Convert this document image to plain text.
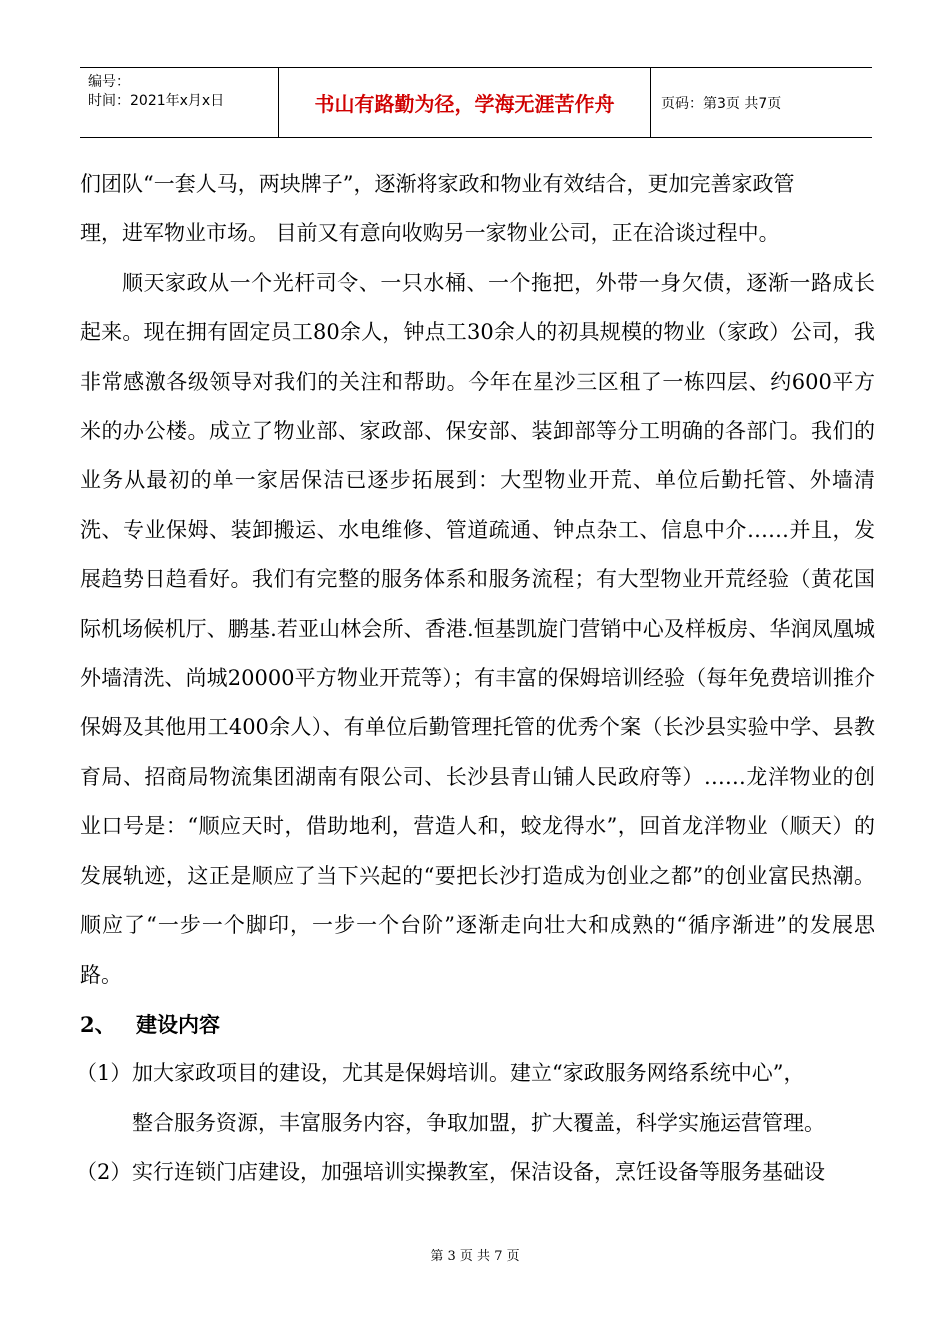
编号：
时间：2021年x月x日	书山有路勤为径，学海无涯苦作舟	页码：第3页 共7页

们团队“一套人马，两块牌子”，逐渐将家政和物业有效结合，更加完善家政管

理，进军物业市场。 目前又有意向收购另一家物业公司，正在洽谈过程中。

顺天家政从一个光杆司令、一只水桶、一个拖把，外带一身欠债，逐渐一路成长起来。现在拥有固定员工80余人，钟点工30余人的初具规模的物业（家政）公司，我非常感激各级领导对我们的关注和帮助。今年在星沙三区租了一栋四层、约600平方米的办公楼。成立了物业部、家政部、保安部、装卸部等分工明确的各部门。我们的业务从最初的单一家居保洁已逐步拓展到：大型物业开荒、单位后勤托管、外墙清洗、专业保姆、装卸搬运、水电维修、管道疏通、钟点杂工、信息中介……并且，发展趋势日趋看好。我们有完整的服务体系和服务流程；有大型物业开荒经验（黄花国际机场候机厅、鹏基.若亚山林会所、香港.恒基凯旋门营销中心及样板房、华润凤凰城外墙清洗、尚城20000平方物业开荒等）；有丰富的保姆培训经验（每年免费培训推介保姆及其他用工400余人）、有单位后勤管理托管的优秀个案（长沙县实验中学、县教育局、招商局物流集团湖南有限公司、长沙县青山铺人民政府等）……龙洋物业的创业口号是：“顺应天时，借助地利，营造人和，蛟龙得水”，回首龙洋物业（顺天）的发展轨迹，这正是顺应了当下兴起的“要把长沙打造成为创业之都”的创业富民热潮。顺应了“一步一个脚印，一步一个台阶”逐渐走向壮大和成熟的“循序渐进”的发展思路。

2、 建设内容
（1） 加大家政项目的建设，尤其是保姆培训。建立“家政服务网络系统中心”，

整合服务资源，丰富服务内容，争取加盟，扩大覆盖，科学实施运营管理。

（2） 实行连锁门店建设，加强培训实操教室，保洁设备，烹饪设备等服务基础设
第 3 页 共 7 页
